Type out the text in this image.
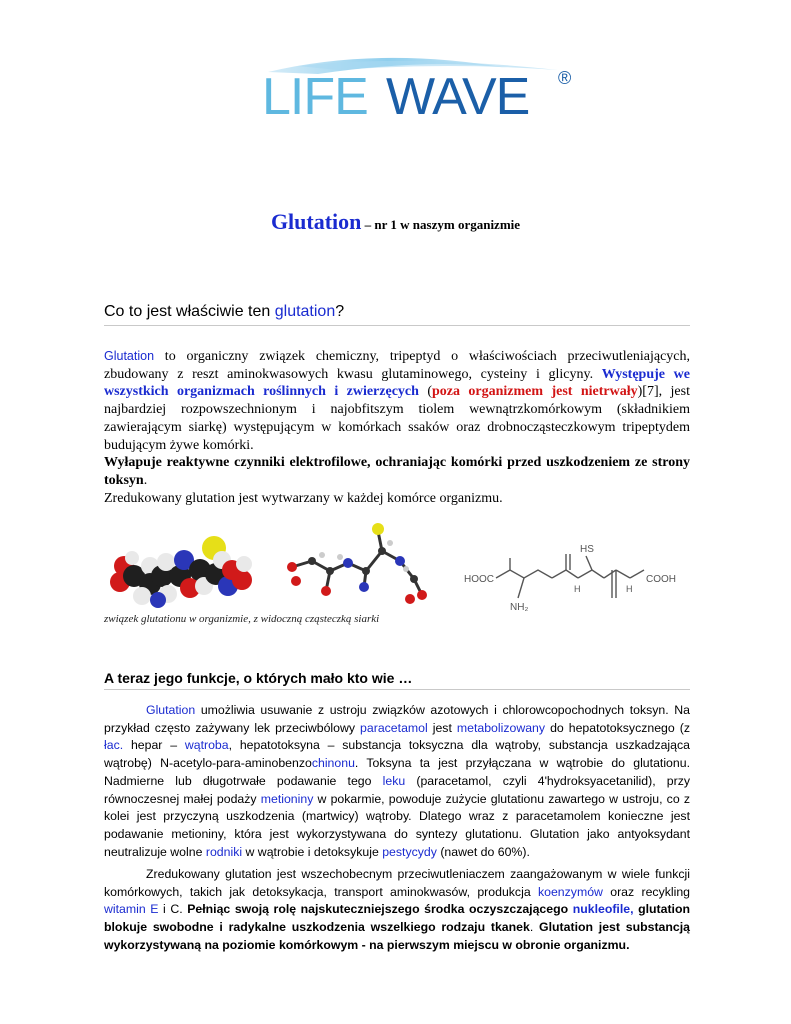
LIFE WAVE ®
Glutation – nr 1 w naszym organizmie
Co to jest właściwie ten glutation?
Glutation to organiczny związek chemiczny, tripeptyd o właściwościach przeciwutleniających, zbudowany z reszt aminokwasowych kwasu glutaminowego, cysteiny i glicyny. Występuje we wszystkich organizmach roślinnych i zwierzęcych (poza organizmem jest nietrwały)[7], jest najbardziej rozpowszechnionym i najobfitszym tiolem wewnątrzkomórkowym (składnikiem zawierającym siarkę) występującym w komórkach ssaków oraz drobnocząsteczkowym tripeptydem budującym żywe komórki.
Wyłapuje reaktywne czynniki elektrofilowe, ochraniając komórki przed uszkodzeniem ze strony toksyn.
Zredukowany glutation jest wytwarzany w każdej komórce organizmu.
HOOC	COOH
NH₂
HS
H	H
związek glutationu w organizmie, z widoczną cząsteczką siarki
A teraz jego funkcje, o których mało kto wie …
Glutation umożliwia usuwanie z ustroju związków azotowych i chlorowcopochodnych toksyn. Na przykład często zażywany lek przeciwbólowy paracetamol jest metabolizowany do hepatotoksycznego (z łac. hepar – wątroba, hepatotoksyna – substancja toksyczna dla wątroby, substancja uszkadzająca wątrobę) N-acetylo-para-aminobenzochinonu. Toksyna ta jest przyłączana w wątrobie do glutationu. Nadmierne lub długotrwałe podawanie tego leku (paracetamol, czyli 4'hydroksyacetanilid), przy równoczesnej małej podaży metioniny w pokarmie, powoduje zużycie glutationu zawartego w ustroju, co z kolei jest przyczyną uszkodzenia (martwicy) wątroby. Dlatego wraz z paracetamolem konieczne jest podawanie metioniny, która jest wykorzystywana do syntezy glutationu. Glutation jako antyoksydant neutralizuje wolne rodniki w wątrobie i detoksykuje pestycydy (nawet do 60%).
Zredukowany glutation jest wszechobecnym przeciwutleniaczem zaangażowanym w wiele funkcji komórkowych, takich jak detoksykacja, transport aminokwasów, produkcja koenzymów oraz recykling witamin E i C. Pełniąc swoją rolę najskuteczniejszego środka oczyszczającego nukleofile, glutation blokuje swobodne i radykalne uszkodzenia wszelkiego rodzaju tkanek. Glutation jest substancją wykorzystywaną na poziomie komórkowym - na pierwszym miejscu w obronie organizmu.
